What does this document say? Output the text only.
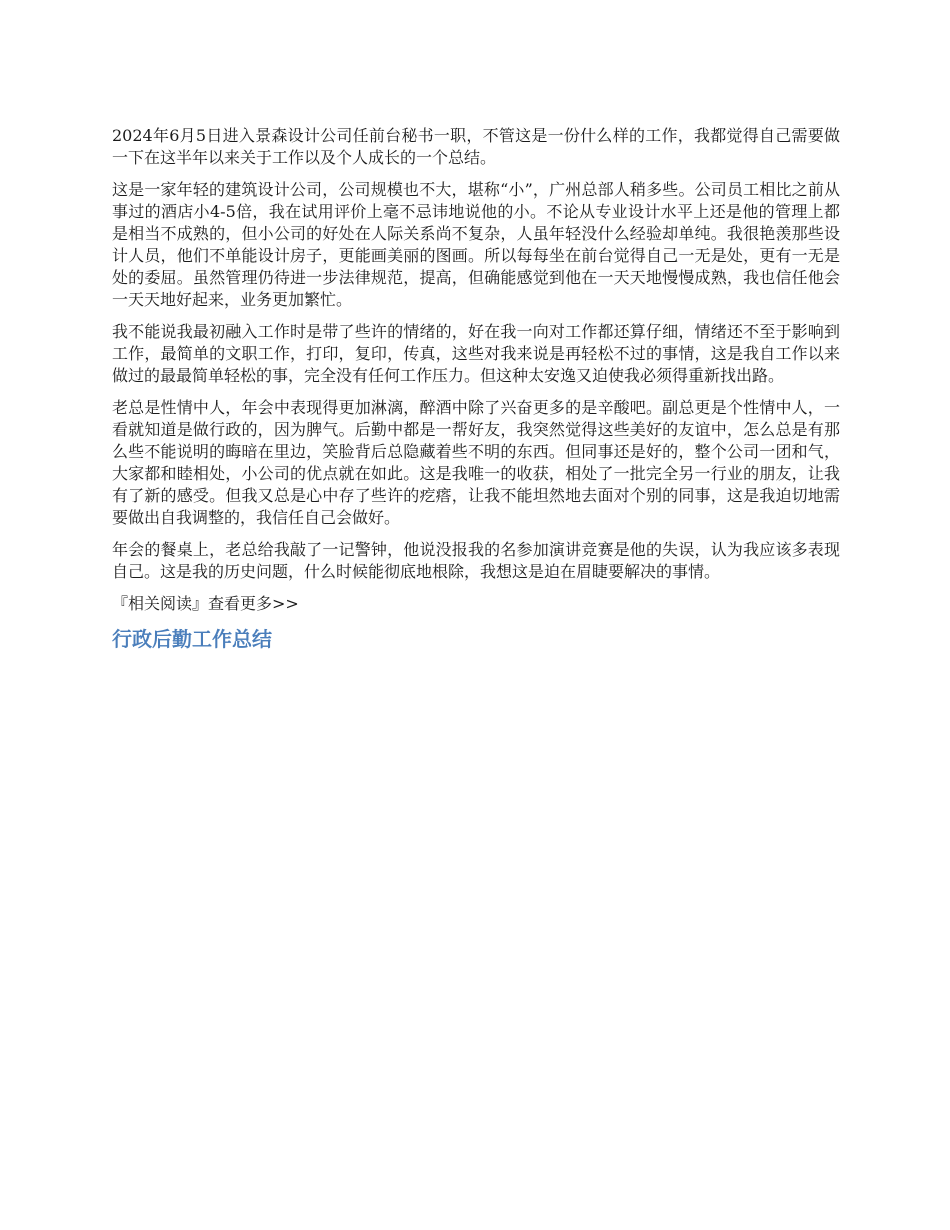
2024年6月5日进入景森设计公司任前台秘书一职，不管这是一份什么样的工作，我都觉得自己需要做一下在这半年以来关于工作以及个人成长的一个总结。

这是一家年轻的建筑设计公司，公司规模也不大，堪称“小”，广州总部人稍多些。公司员工相比之前从事过的酒店小4-5倍，我在试用评价上毫不忌讳地说他的小。不论从专业设计水平上还是他的管理上都是相当不成熟的，但小公司的好处在人际关系尚不复杂，人虽年轻没什么经验却单纯。我很艳羡那些设计人员，他们不单能设计房子，更能画美丽的图画。所以每每坐在前台觉得自己一无是处，更有一无是处的委屈。虽然管理仍待进一步法律规范，提高，但确能感觉到他在一天天地慢慢成熟，我也信任他会一天天地好起来，业务更加繁忙。

我不能说我最初融入工作时是带了些许的情绪的，好在我一向对工作都还算仔细，情绪还不至于影响到工作，最简单的文职工作，打印，复印，传真，这些对我来说是再轻松不过的事情，这是我自工作以来做过的最最简单轻松的事，完全没有任何工作压力。但这种太安逸又迫使我必须得重新找出路。

老总是性情中人，年会中表现得更加淋漓，醉酒中除了兴奋更多的是辛酸吧。副总更是个性情中人，一看就知道是做行政的，因为脾气。后勤中都是一帮好友，我突然觉得这些美好的友谊中，怎么总是有那么些不能说明的晦暗在里边，笑脸背后总隐藏着些不明的东西。但同事还是好的，整个公司一团和气，大家都和睦相处，小公司的优点就在如此。这是我唯一的收获，相处了一批完全另一行业的朋友，让我有了新的感受。但我又总是心中存了些许的疙瘩，让我不能坦然地去面对个别的同事，这是我迫切地需要做出自我调整的，我信任自己会做好。

年会的餐桌上，老总给我敲了一记警钟，他说没报我的名参加演讲竞赛是他的失误，认为我应该多表现自己。这是我的历史问题，什么时候能彻底地根除，我想这是迫在眉睫要解决的事情。

『相关阅读』查看更多>>
行政后勤工作总结
